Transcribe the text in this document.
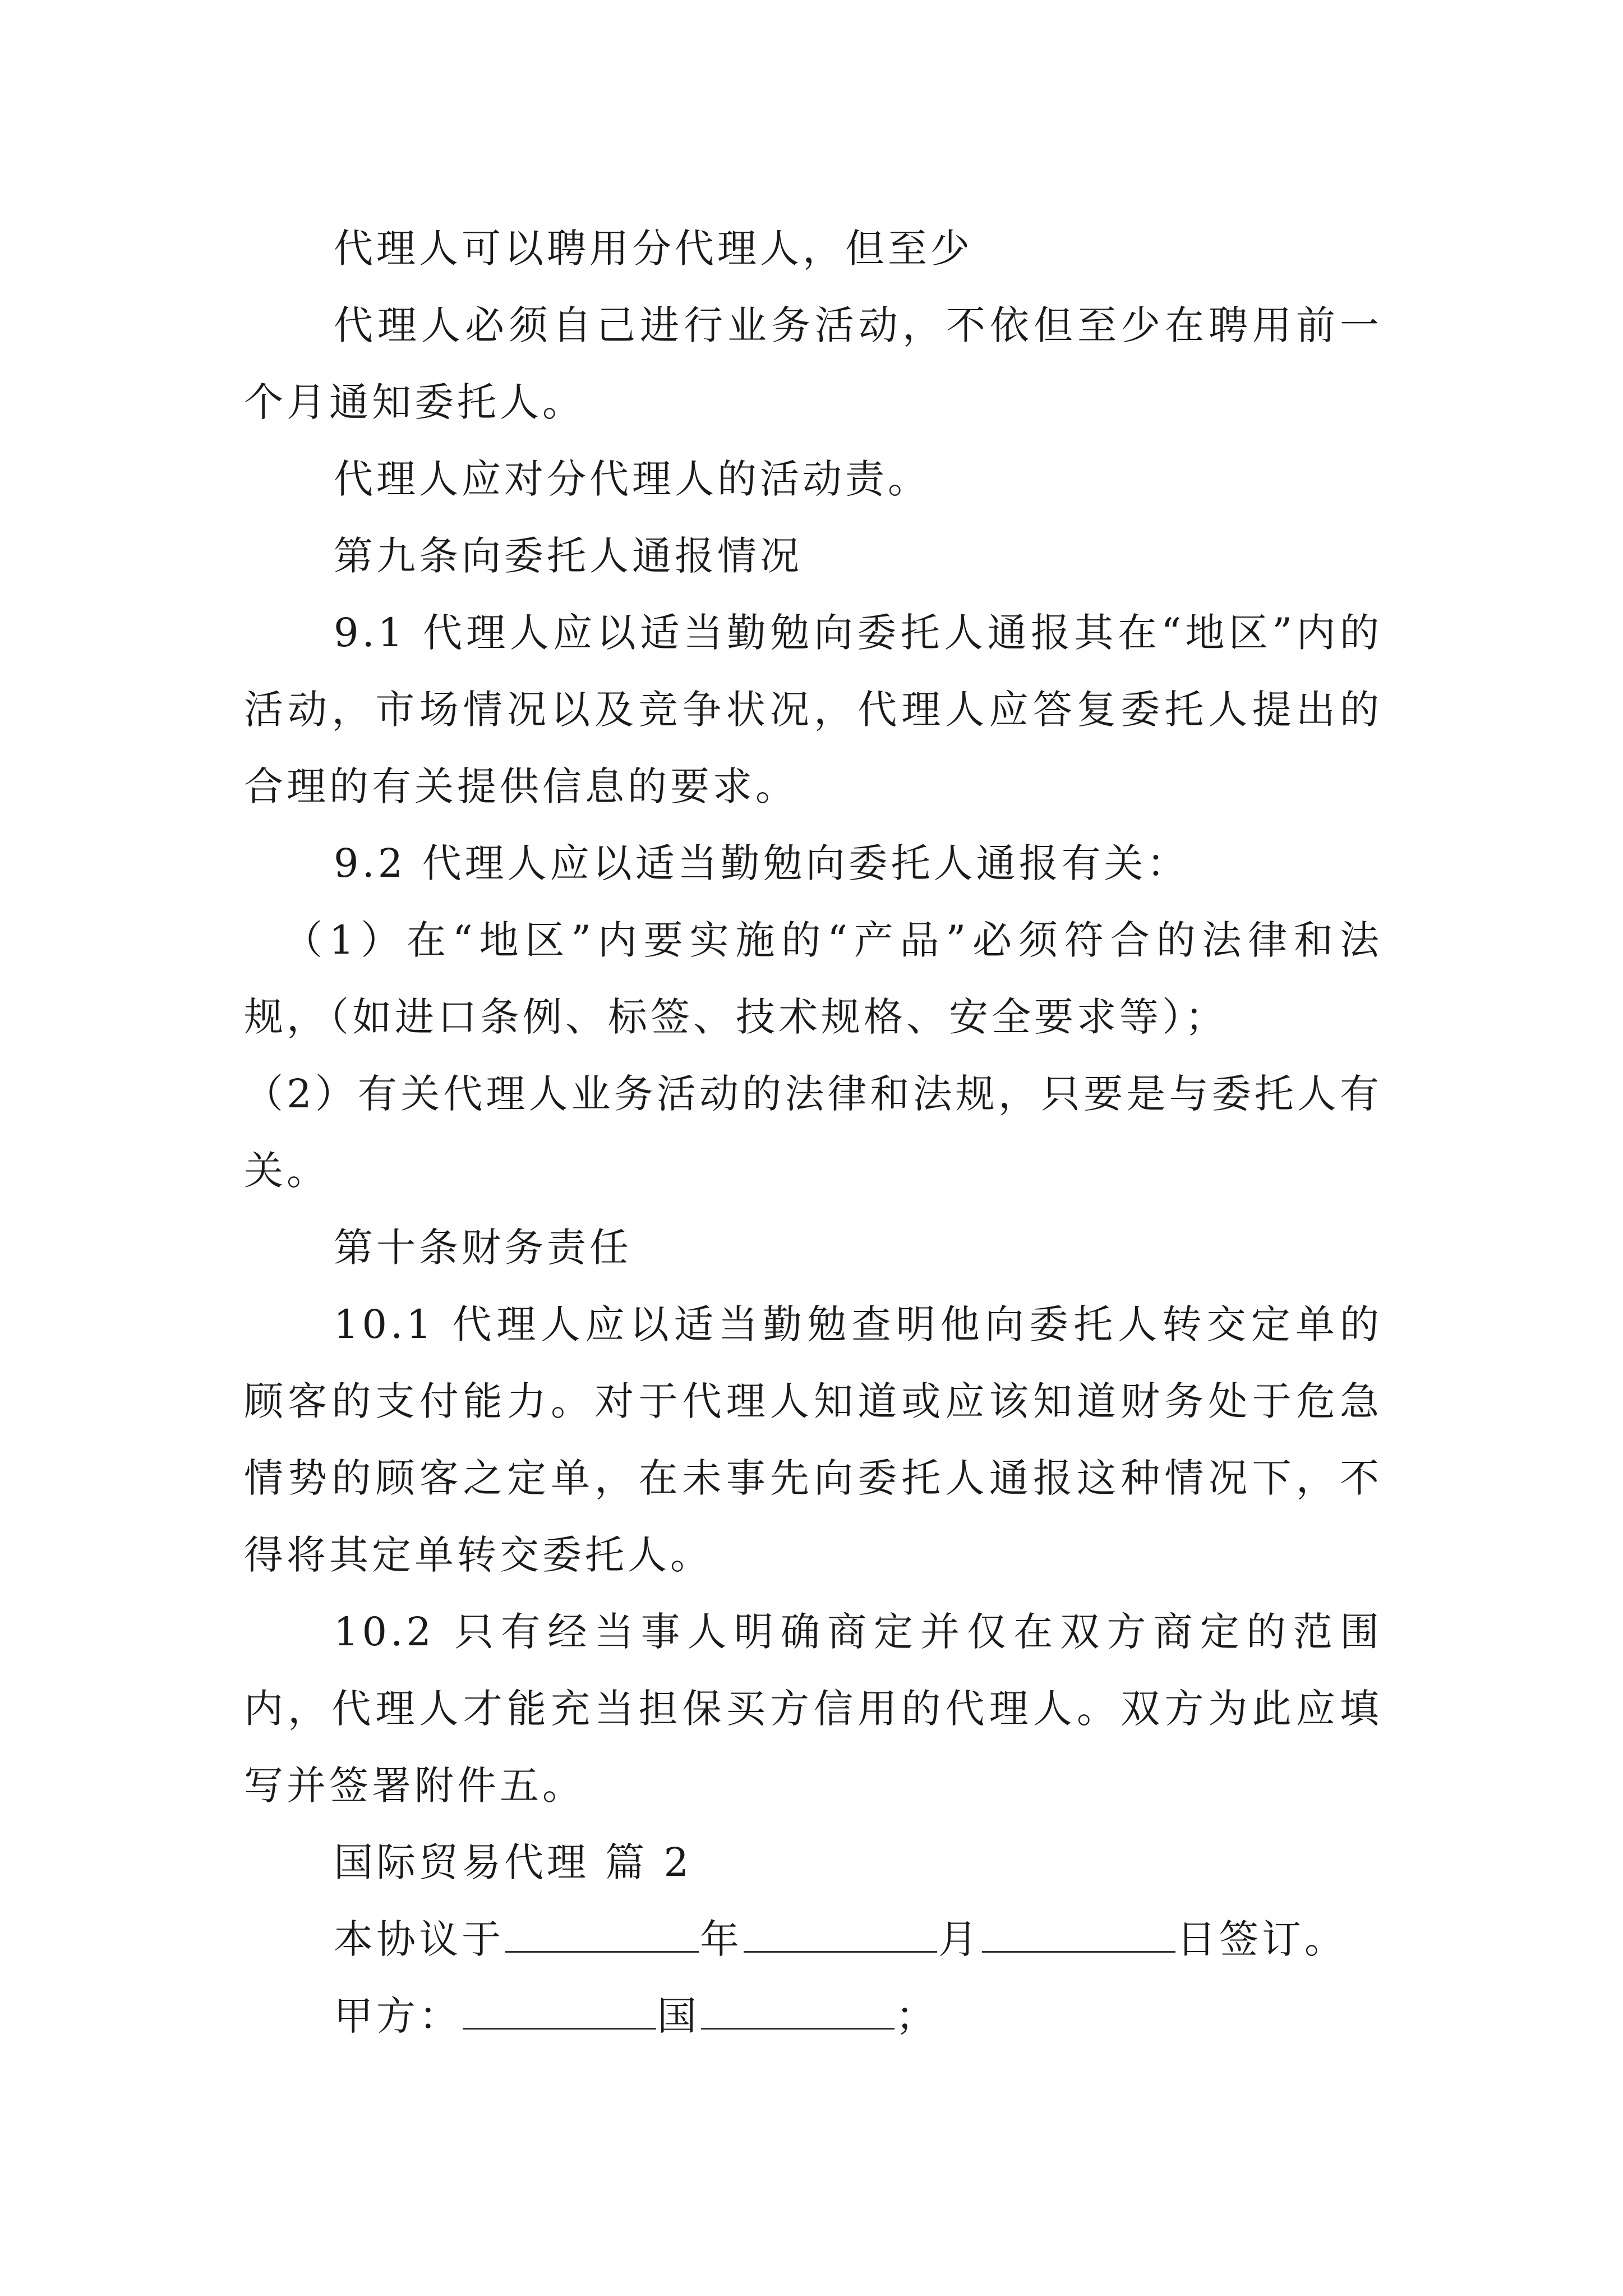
代理人可以聘用分代理人，但至少

代理人必须自己进行业务活动，不依但至少在聘用前一个月通知委托人。

代理人应对分代理人的活动责。

第九条向委托人通报情况

9.1 代理人应以适当勤勉向委托人通报其在“地区”内的活动，市场情况以及竞争状况，代理人应答复委托人提出的合理的有关提供信息的要求。

9.2 代理人应以适当勤勉向委托人通报有关：

（1）在“地区”内要实施的“产品”必须符合的法律和法规，（如进口条例、标签、技术规格、安全要求等）；

（2）有关代理人业务活动的法律和法规，只要是与委托人有关。

第十条财务责任

10.1 代理人应以适当勤勉查明他向委托人转交定单的顾客的支付能力。对于代理人知道或应该知道财务处于危急情势的顾客之定单，在未事先向委托人通报这种情况下，不得将其定单转交委托人。

10.2 只有经当事人明确商定并仅在双方商定的范围内，代理人才能充当担保买方信用的代理人。双方为此应填写并签署附件五。

国际贸易代理 篇 2

本协议于	年	月	日签订。

甲方：	国	；
